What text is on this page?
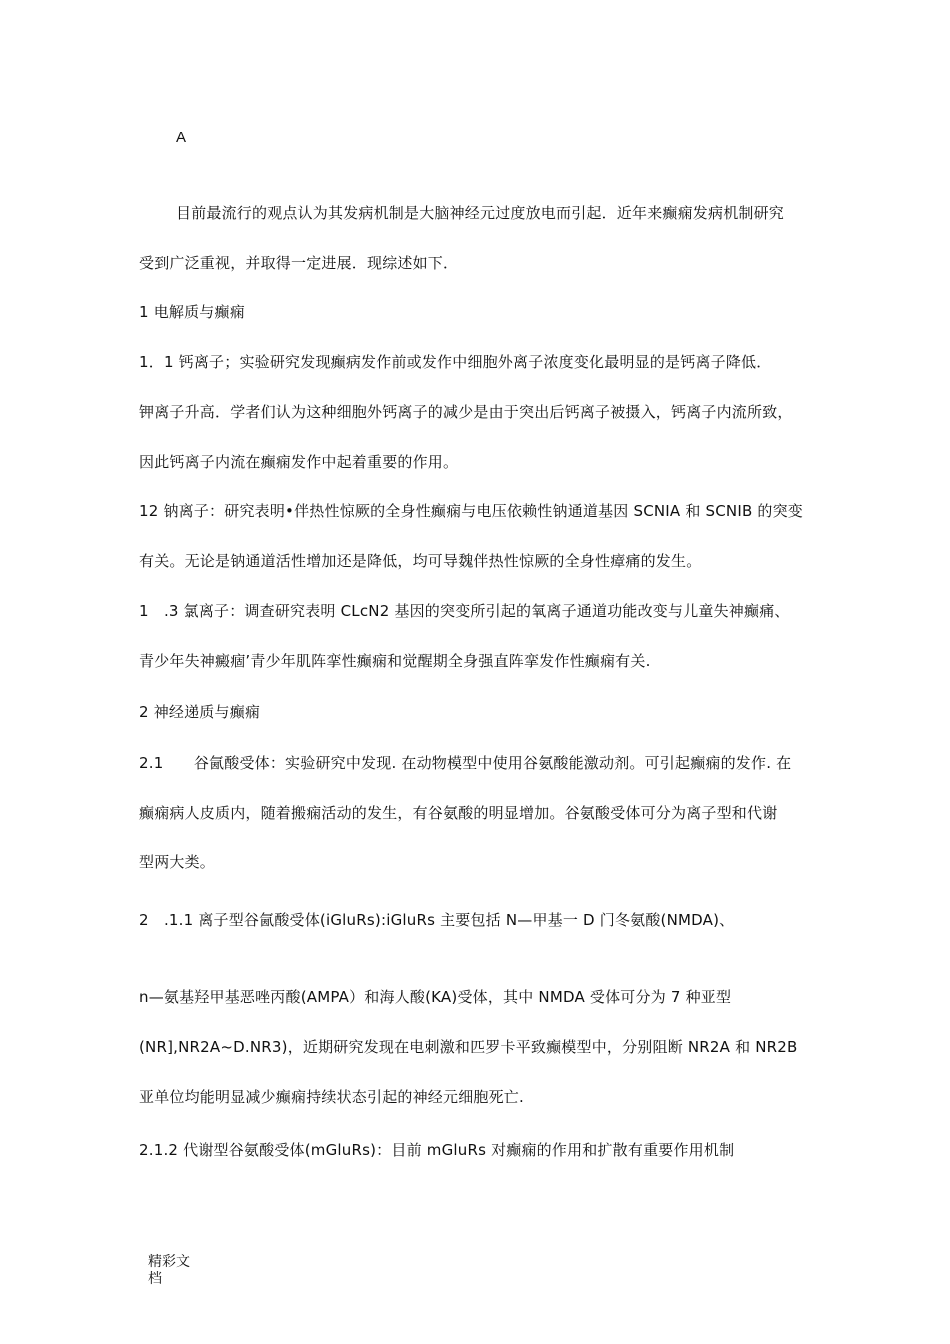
A
目前最流行的观点认为其发病机制是大脑神经元过度放电而引起．近年来癫痫发病机制研究
受到广泛重视，并取得一定进展．现综述如下．
1 电解质与癫痫
1．1 钙离子；实验研究发现癫病发作前或发作中细胞外离子浓度变化最明显的是钙离子降低．
钾离子升高．学者们认为这种细胞外钙离子的减少是由于突出后钙离子被摄入，钙离子内流所致，
因此钙离子内流在癫痫发作中起着重要的作用。
12 钠离子：研究表明•伴热性惊厥的全身性癫痫与电压依赖性钠通道基因 SCNIA 和 SCNIB 的突变
有关。无论是钠通道活性增加还是降低，均可导魏伴热性惊厥的全身性瘴痛的发生。
1　.3 氯离子：调查研究表明 CLcN2 基因的突变所引起的氧离子通道功能改变与儿童失神癫痛、
青少年失神癜痼’青少年肌阵挛性癫痫和觉醒期全身强直阵挛发作性癫痫有关.
2 神经递质与癫痫
2.1　　谷氤酸受体：实验研究中发现. 在动物模型中使用谷氨酸能激动剂。可引起癫痫的发作. 在
癫痫病人皮质内，随着搬痫活动的发生，有谷氨酸的明显增加。谷氨酸受体可分为离子型和代谢
型两大类。
2　.1.1 离子型谷氤酸受体(iGluRs):iGluRs 主要包括 N—甲基一 D 门冬氨酸(NMDA)、
n—氨基羟甲基恶唑丙酸(AMPA）和海人酸(KA)受体，其中 NMDA 受体可分为 7 种亚型
(NR],NR2A~D.NR3)，近期研究发现在电刺激和匹罗卡平致癫模型中，分别阻断 NR2A 和 NR2B
亚单位均能明显减少癫痫持续状态引起的神经元细胞死亡.
2.1.2 代谢型谷氨酸受体(mGluRs)：目前 mGluRs 对癫痫的作用和扩散有重要作用机制
精彩文档
